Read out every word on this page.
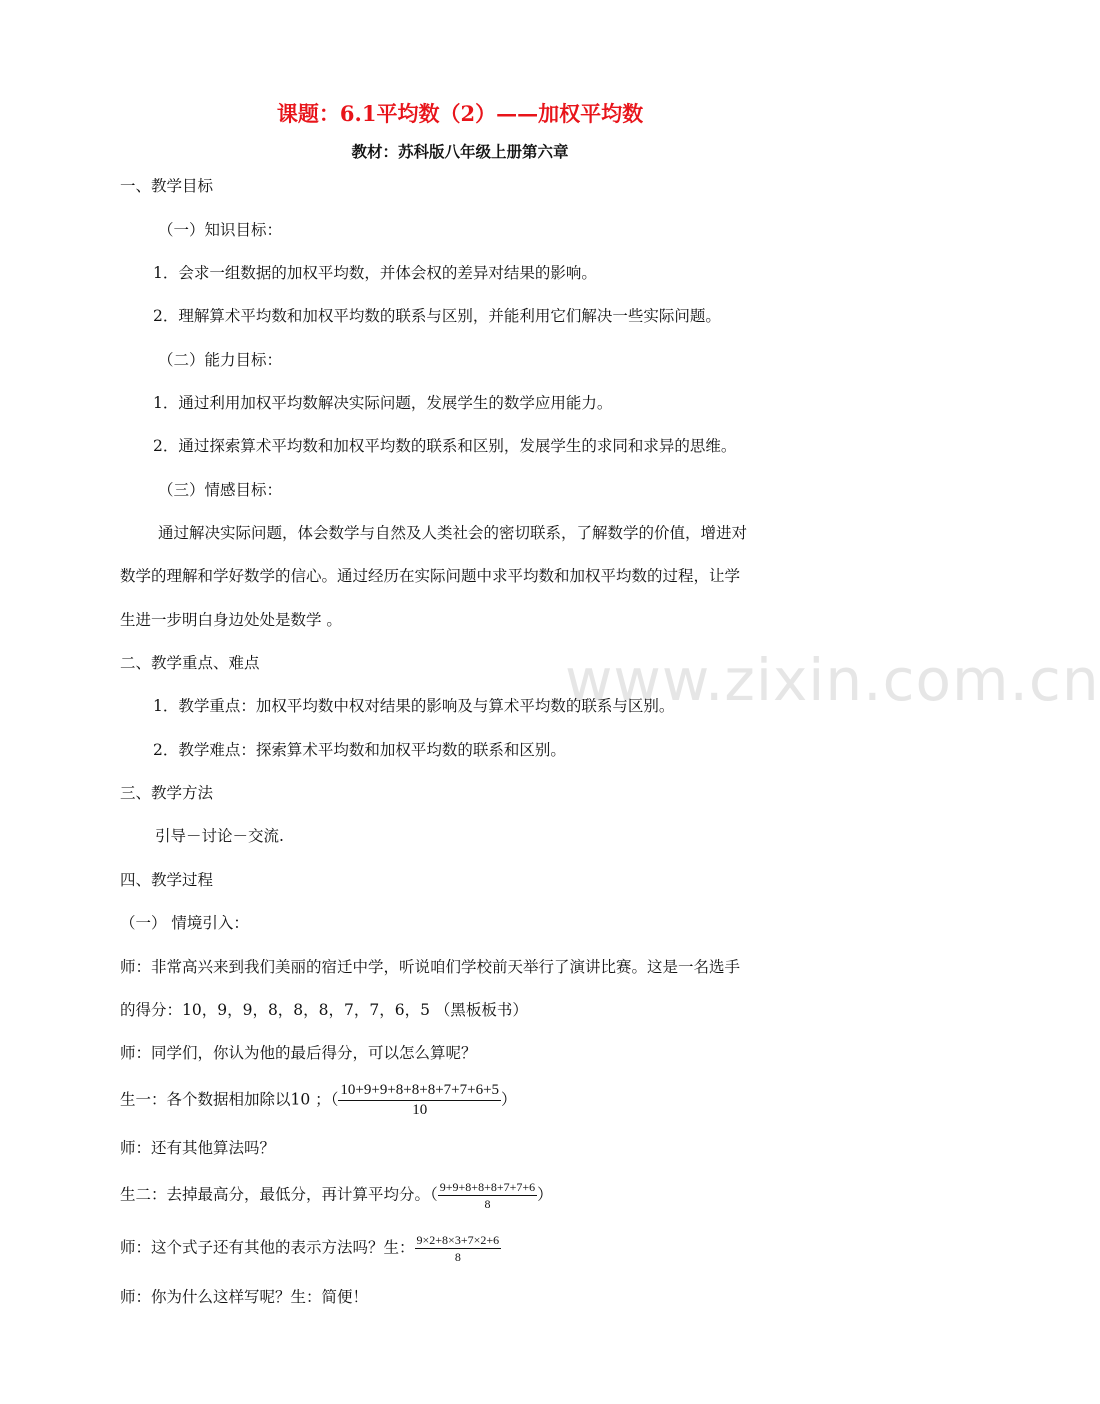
www.zixin.com.cn
课题：6.1平均数（2）——加权平均数
教材：苏科版八年级上册第六章
一、教学目标
（一）知识目标：
1．会求一组数据的加权平均数，并体会权的差异对结果的影响。
2．理解算术平均数和加权平均数的联系与区别，并能利用它们解决一些实际问题。
（二）能力目标：
1．通过利用加权平均数解决实际问题，发展学生的数学应用能力。
2．通过探索算术平均数和加权平均数的联系和区别，发展学生的求同和求异的思维。
（三）情感目标：
通过解决实际问题，体会数学与自然及人类社会的密切联系，了解数学的价值，增进对
数学的理解和学好数学的信心。通过经历在实际问题中求平均数和加权平均数的过程，让学
生进一步明白身边处处是数学 。
二、教学重点、难点
1．教学重点：加权平均数中权对结果的影响及与算术平均数的联系与区别。
2．教学难点：探索算术平均数和加权平均数的联系和区别。
三、教学方法
引导－讨论－交流.
四、教学过程
（一） 情境引入：
师：非常高兴来到我们美丽的宿迁中学，听说咱们学校前天举行了演讲比赛。这是一名选手
的得分：10，9，9，8，8，8，7，7，6，5 （黑板板书）
师：同学们，你认为他的最后得分，可以怎么算呢？
生一：各个数据相加除以10 ；（ $\frac{10+9+9+8+8+8+7+7+6+5}{10}$ ）
师：还有其他算法吗？
生二：去掉最高分，最低分，再计算平均分。（ $\frac{9+9+8+8+8+7+7+6}{8}$ ）
师：这个式子还有其他的表示方法吗？生： $\frac{9\times 2+8\times 3+7\times 2+6}{8}$
师：你为什么这样写呢？生：简便！
